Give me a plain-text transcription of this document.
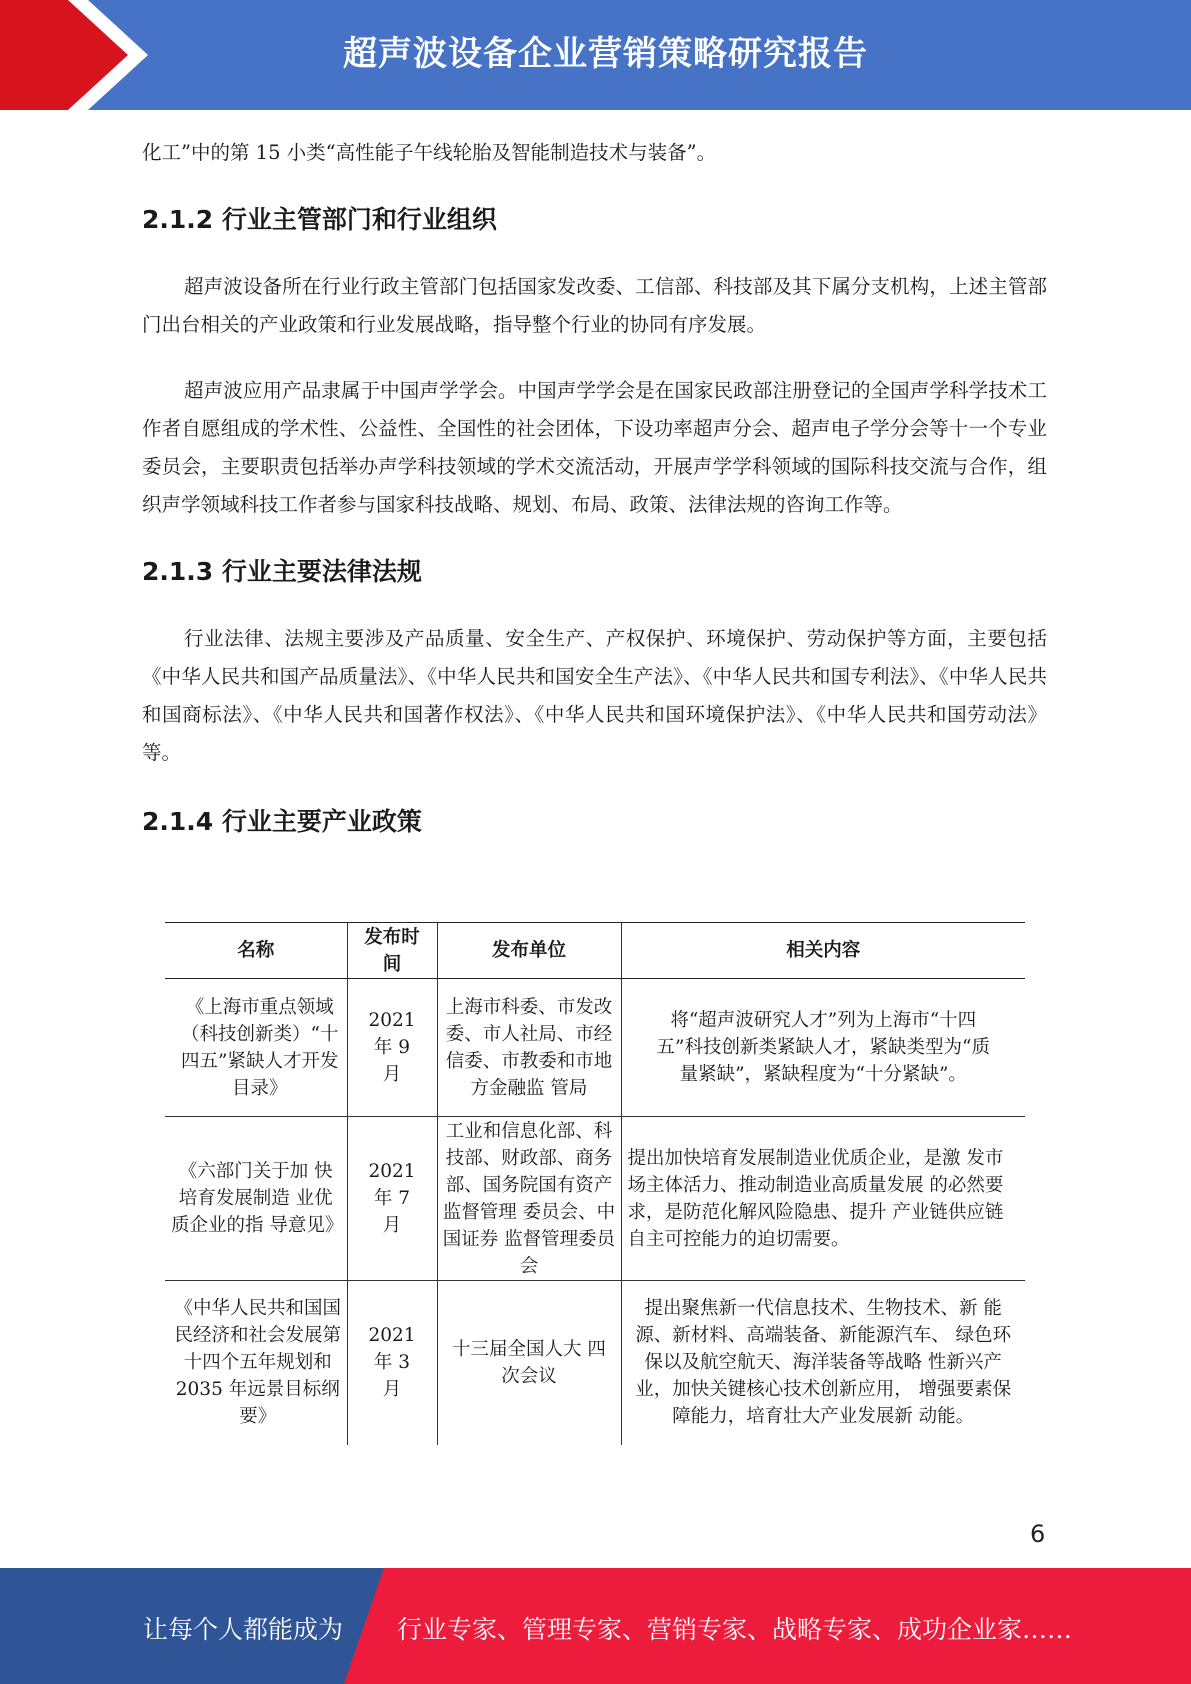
超声波设备企业营销策略研究报告

化工”中的第 15 小类“高性能子午线轮胎及智能制造技术与装备”。

2.1.2 行业主管部门和行业组织

超声波设备所在行业行政主管部门包括国家发改委、工信部、科技部及其下属分支机构，上述主管部门出台相关的产业政策和行业发展战略，指导整个行业的协同有序发展。

超声波应用产品隶属于中国声学学会。中国声学学会是在国家民政部注册登记的全国声学科学技术工作者自愿组成的学术性、公益性、全国性的社会团体，下设功率超声分会、超声电子学分会等十一个专业委员会，主要职责包括举办声学科技领域的学术交流活动，开展声学学科领域的国际科技交流与合作，组织声学领域科技工作者参与国家科技战略、规划、布局、政策、法律法规的咨询工作等。

2.1.3 行业主要法律法规

行业法律、法规主要涉及产品质量、安全生产、产权保护、环境保护、劳动保护等方面，主要包括《中华人民共和国产品质量法》、《中华人民共和国安全生产法》、《中华人民共和国专利法》、《中华人民共和国商标法》、《中华人民共和国著作权法》、《中华人民共和国环境保护法》、《中华人民共和国劳动法》等。

2.1.4 行业主要产业政策
名称	发布时间	发布单位	相关内容
《上海市重点领域（科技创新类）“十四五”紧缺人才开发目录》	2021 年 9 月	上海市科委、市发改委、市人社局、市经信委、市教委和市地方金融监 管局	将“超声波研究人才”列为上海市“十四五”科技创新类紧缺人才，紧缺类型为“质量紧缺”，紧缺程度为“十分紧缺”。
《六部门关于加 快培育发展制造 业优质企业的指 导意见》	2021 年 7 月	工业和信息化部、科技部、财政部、商务部、国务院国有资产监督管理 委员会、中国证券 监督管理委员会	提出加快培育发展制造业优质企业，是激 发市场主体活力、推动制造业高质量发展 的必然要求，是防范化解风险隐患、提升 产业链供应链自主可控能力的迫切需要。
《中华人民共和国国民经济和社会发展第十四个五年规划和 2035 年远景目标纲 要》	2021 年 3 月	十三届全国人大 四次会议	提出聚焦新一代信息技术、生物技术、新 能源、新材料、高端装备、新能源汽车、 绿色环保以及航空航天、海洋装备等战略 性新兴产业，加快关键核心技术创新应用， 增强要素保障能力，培育壮大产业发展新 动能。
6
让每个人都能成为 行业专家、管理专家、营销专家、战略专家、成功企业家……
